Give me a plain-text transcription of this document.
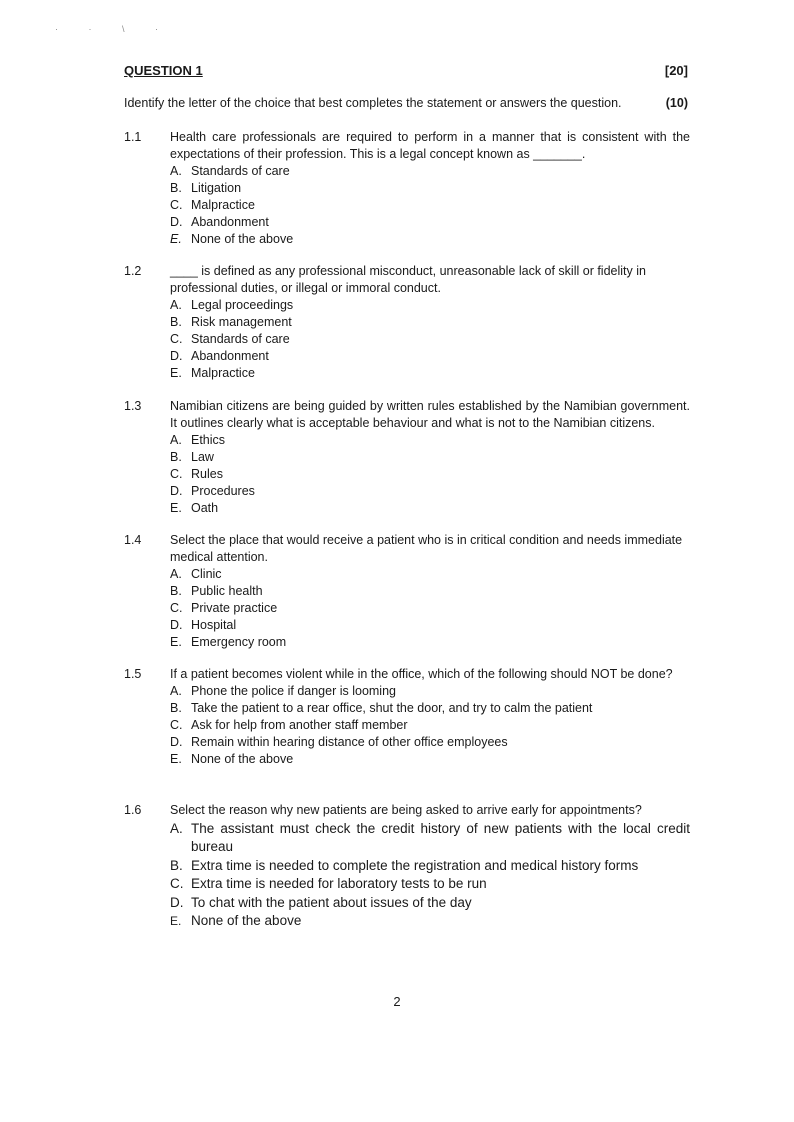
· · \ ·
QUESTION 1	[20]
Identify the letter of the choice that best completes the statement or answers the question.	(10)
1.1	Health care professionals are required to perform in a manner that is consistent with the expectations of their profession. This is a legal concept known as _______.
A. Standards of care
B. Litigation
C. Malpractice
D. Abandonment
E. None of the above
1.2	____ is defined as any professional misconduct, unreasonable lack of skill or fidelity in professional duties, or illegal or immoral conduct.
A. Legal proceedings
B. Risk management
C. Standards of care
D. Abandonment
E. Malpractice
1.3	Namibian citizens are being guided by written rules established by the Namibian government. It outlines clearly what is acceptable behaviour and what is not to the Namibian citizens.
A. Ethics
B. Law
C. Rules
D. Procedures
E. Oath
1.4	Select the place that would receive a patient who is in critical condition and needs immediate medical attention.
A. Clinic
B. Public health
C. Private practice
D. Hospital
E. Emergency room
1.5	If a patient becomes violent while in the office, which of the following should NOT be done?
A. Phone the police if danger is looming
B. Take the patient to a rear office, shut the door, and try to calm the patient
C. Ask for help from another staff member
D. Remain within hearing distance of other office employees
E. None of the above
1.6	Select the reason why new patients are being asked to arrive early for appointments?
A. The assistant must check the credit history of new patients with the local credit bureau
B. Extra time is needed to complete the registration and medical history forms
C. Extra time is needed for laboratory tests to be run
D. To chat with the patient about issues of the day
E. None of the above
2
